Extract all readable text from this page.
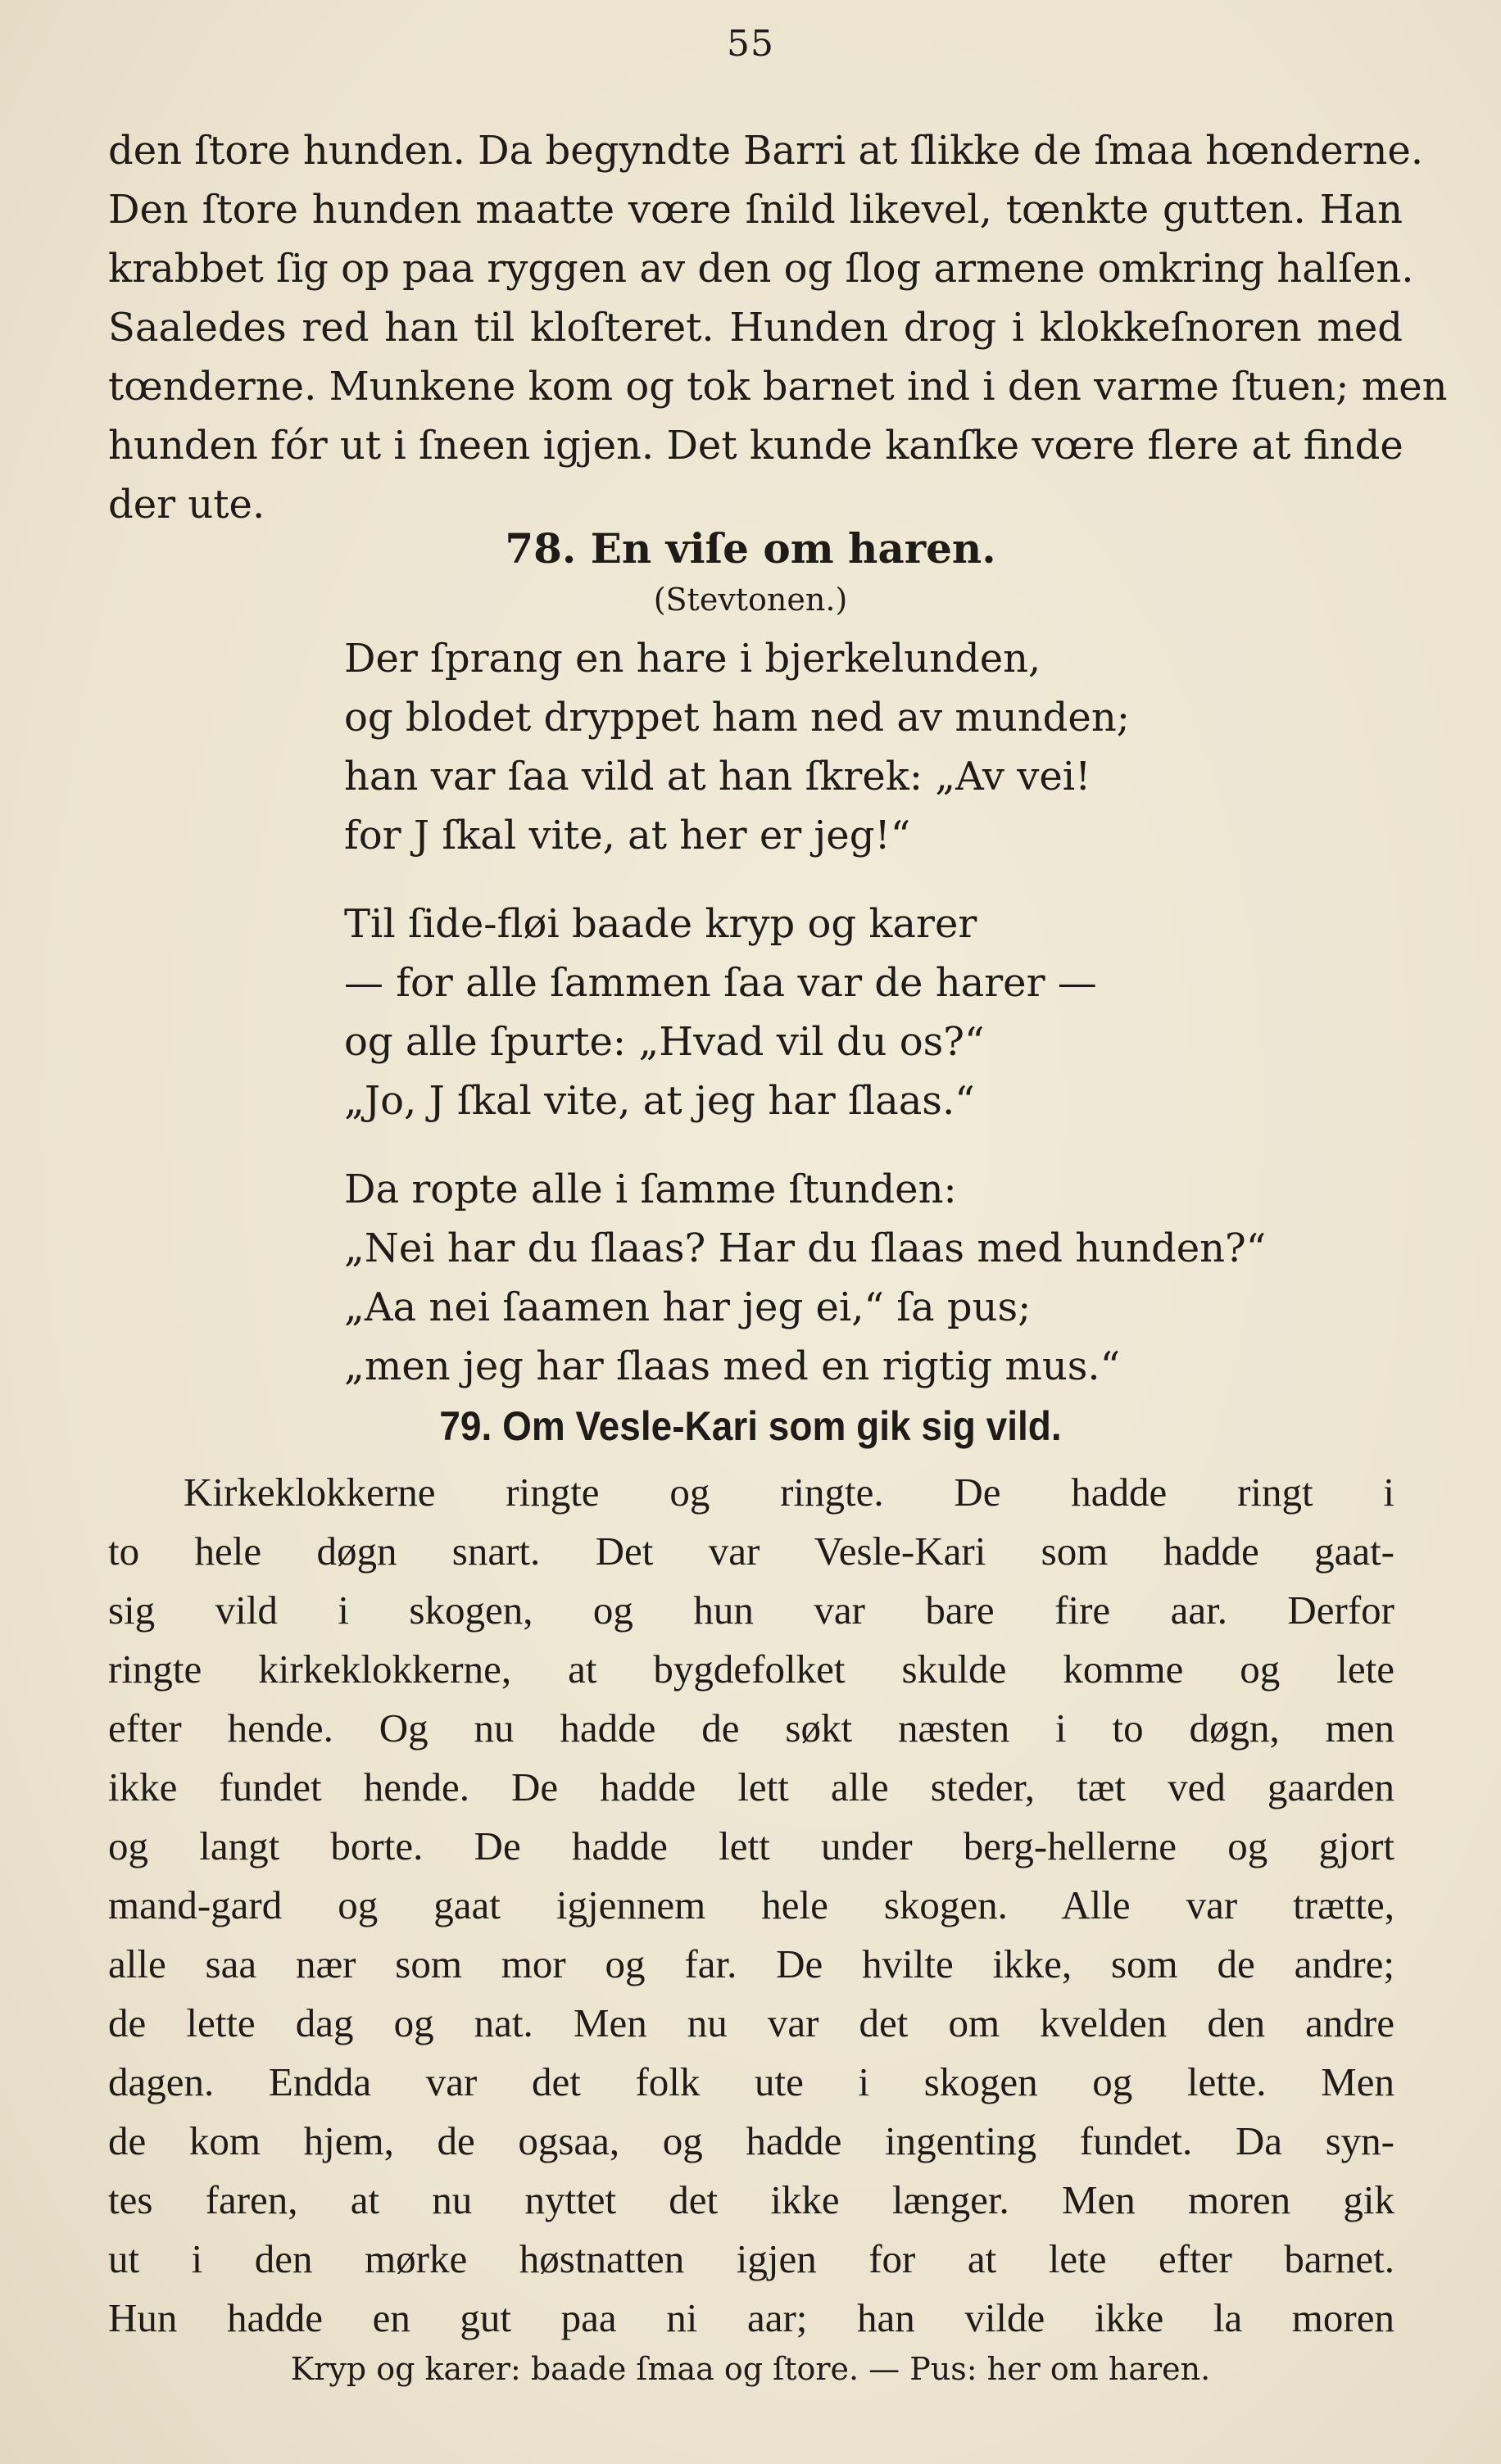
55
den ſtore hunden. Da begyndte Barri at ſlikke de ſmaa hœnderne.
Den ſtore hunden maatte vœre ſnild likevel, tœnkte gutten. Han
krabbet ſig op paa ryggen av den og ſlog armene omkring halſen.
Saaledes red han til kloſteret. Hunden drog i klokkeſnoren med
tœnderne. Munkene kom og tok barnet ind i den varme ſtuen; men
hunden fór ut i ſneen igjen. Det kunde kanſke vœre flere at finde
der ute.
78. En viſe om haren.
(Stevtonen.)
Der ſprang en hare i bjerkelunden,
og blodet dryppet ham ned av munden;
han var ſaa vild at han ſkrek: „Av vei!
for J ſkal vite, at her er jeg!“
Til ſide-fløi baade kryp og karer
— for alle ſammen ſaa var de harer —
og alle ſpurte: „Hvad vil du os?“
„Jo, J ſkal vite, at jeg har ſlaas.“
Da ropte alle i ſamme ſtunden:
„Nei har du ſlaas? Har du ſlaas med hunden?“
„Aa nei ſaamen har jeg ei,“ ſa pus;
„men jeg har ſlaas med en rigtig mus.“
79. Om Vesle-Kari som gik sig vild.
Kirkeklokkerne ringte og ringte. De hadde ringt i
to hele døgn snart. Det var Vesle-Kari som hadde gaat-
sig vild i skogen, og hun var bare fire aar. Derfor
ringte kirkeklokkerne, at bygdefolket skulde komme og lete
efter hende. Og nu hadde de søkt næsten i to døgn, men
ikke fundet hende. De hadde lett alle steder, tæt ved gaarden
og langt borte. De hadde lett under berg-hellerne og gjort
mand-gard og gaat igjennem hele skogen. Alle var trætte,
alle saa nær som mor og far. De hvilte ikke, som de andre;
de lette dag og nat. Men nu var det om kvelden den andre
dagen. Endda var det folk ute i skogen og lette. Men
de kom hjem, de ogsaa, og hadde ingenting fundet. Da syn-
tes faren, at nu nyttet det ikke længer. Men moren gik
ut i den mørke høstnatten igjen for at lete efter barnet.
Hun hadde en gut paa ni aar; han vilde ikke la moren
Kryp og karer: baade ſmaa og ſtore. — Pus: her om haren.
